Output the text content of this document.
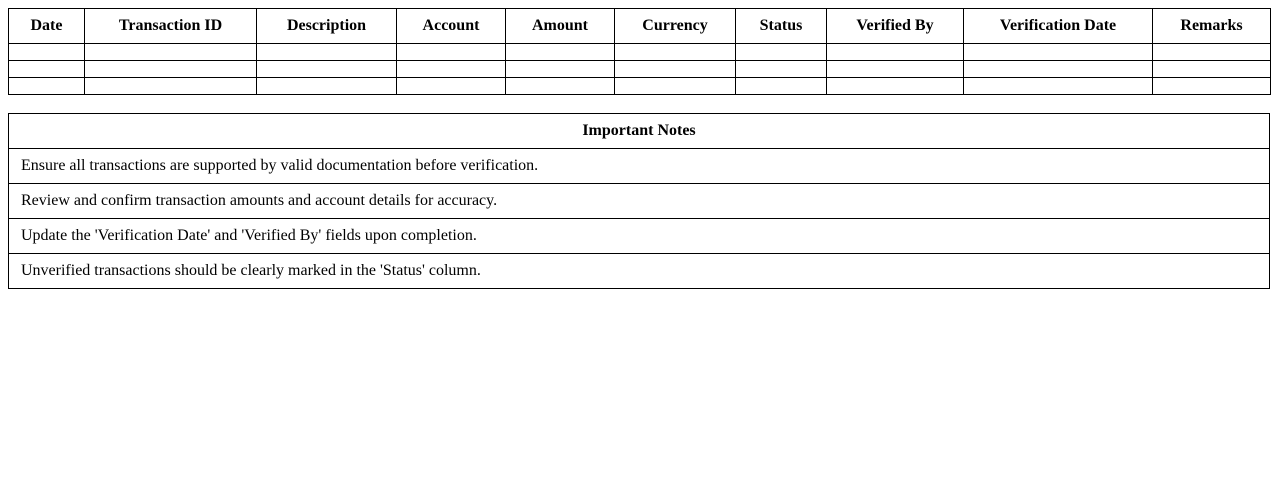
Date	Transaction ID	Description	Account	Amount	Currency	Status	Verified By	Verification Date	Remarks

Important Notes
Ensure all transactions are supported by valid documentation before verification.
Review and confirm transaction amounts and account details for accuracy.
Update the 'Verification Date' and 'Verified By' fields upon completion.
Unverified transactions should be clearly marked in the 'Status' column.
